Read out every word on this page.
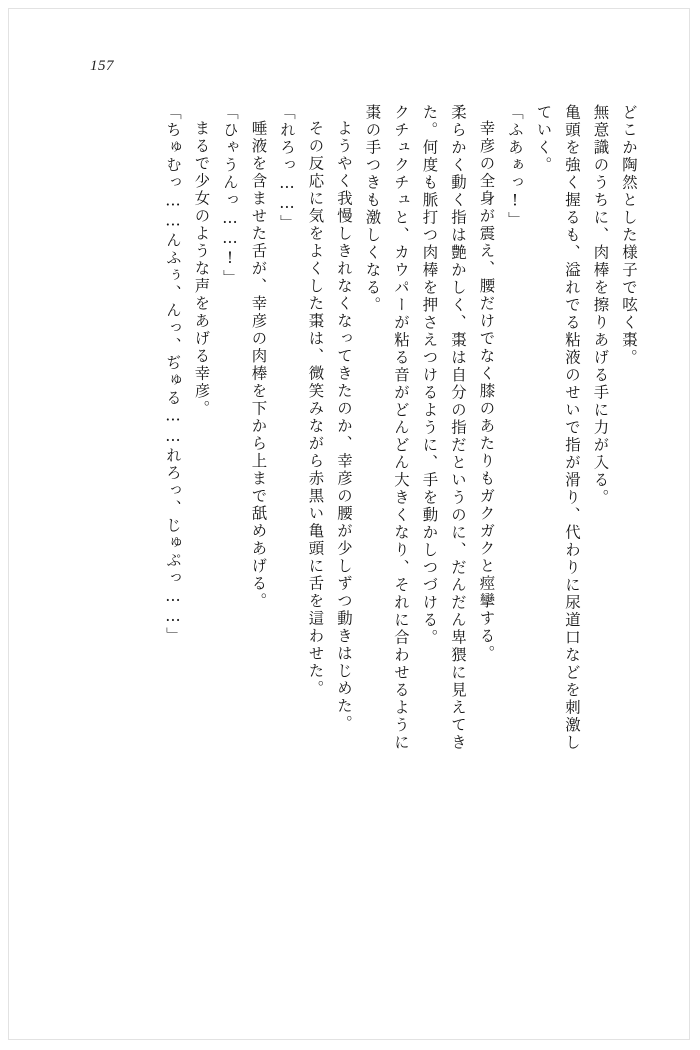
157
どこか陶然とした様子で呟く棗。
無意識のうちに、肉棒を擦りあげる手に力が入る。
亀頭を強く握るも、溢れでる粘液のせいで指が滑り、代わりに尿道口などを刺激し
ていく。
「ふあぁっ!」
幸彦の全身が震え、腰だけでなく膝のあたりもガクガクと痙攣する。
柔らかく動く指は艶かしく、棗は自分の指だというのに、だんだん卑猥に見えてき
た。何度も脈打つ肉棒を押さえつけるように、手を動かしつづける。
クチュクチュと、カウパーが粘る音がどんどん大きくなり、それに合わせるように
棗の手つきも激しくなる。
ようやく我慢しきれなくなってきたのか、幸彦の腰が少しずつ動きはじめた。
その反応に気をよくした棗は、微笑みながら赤黒い亀頭に舌を這わせた。
「れろっ……」
唾液を含ませた舌が、幸彦の肉棒を下から上まで舐めあげる。
「ひゃうんっ……!」
まるで少女のような声をあげる幸彦。
「ちゅむっ……んふぅ、んっ、ぢゅる……れろっ、じゅぷっ……」
